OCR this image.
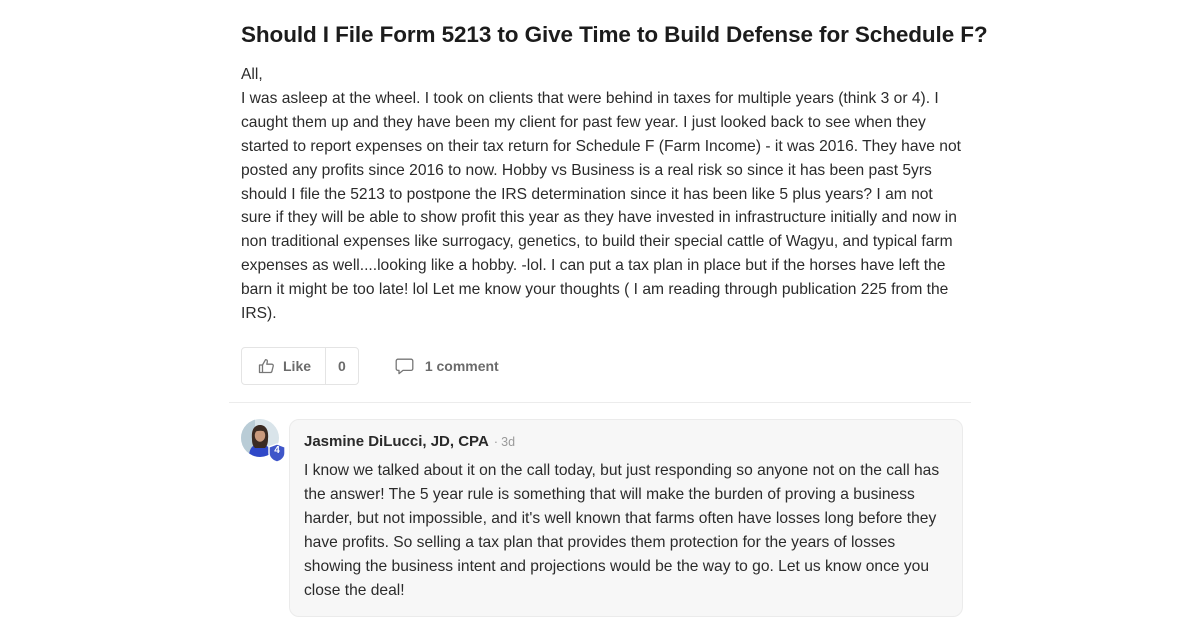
Should I File Form 5213 to Give Time to Build Defense for Schedule F?

All,

I was asleep at the wheel. I took on clients that were behind in taxes for multiple years (think 3 or 4). I caught them up and they have been my client for past few year. I just looked back to see when they started to report expenses on their tax return for Schedule F (Farm Income) - it was 2016. They have not posted any profits since 2016 to now. Hobby vs Business is a real risk so since it has been past 5yrs should I file the 5213 to postpone the IRS determination since it has been like 5 plus years? I am not sure if they will be able to show profit this year as they have invested in infrastructure initially and now in non traditional expenses like surrogacy, genetics, to build their special cattle of Wagyu, and typical farm expenses as well....looking like a hobby. -lol. I can put a tax plan in place but if the horses have left the barn it might be too late! lol Let me know your thoughts ( I am reading through publication 225 from the IRS).

Like	0	1 comment
4
Jasmine DiLucci, JD, CPA · 3d
I know we talked about it on the call today, but just responding so anyone not on the call has the answer! The 5 year rule is something that will make the burden of proving a business harder, but not impossible, and it's well known that farms often have losses long before they have profits. So selling a tax plan that provides them protection for the years of losses showing the business intent and projections would be the way to go. Let us know once you close the deal!
